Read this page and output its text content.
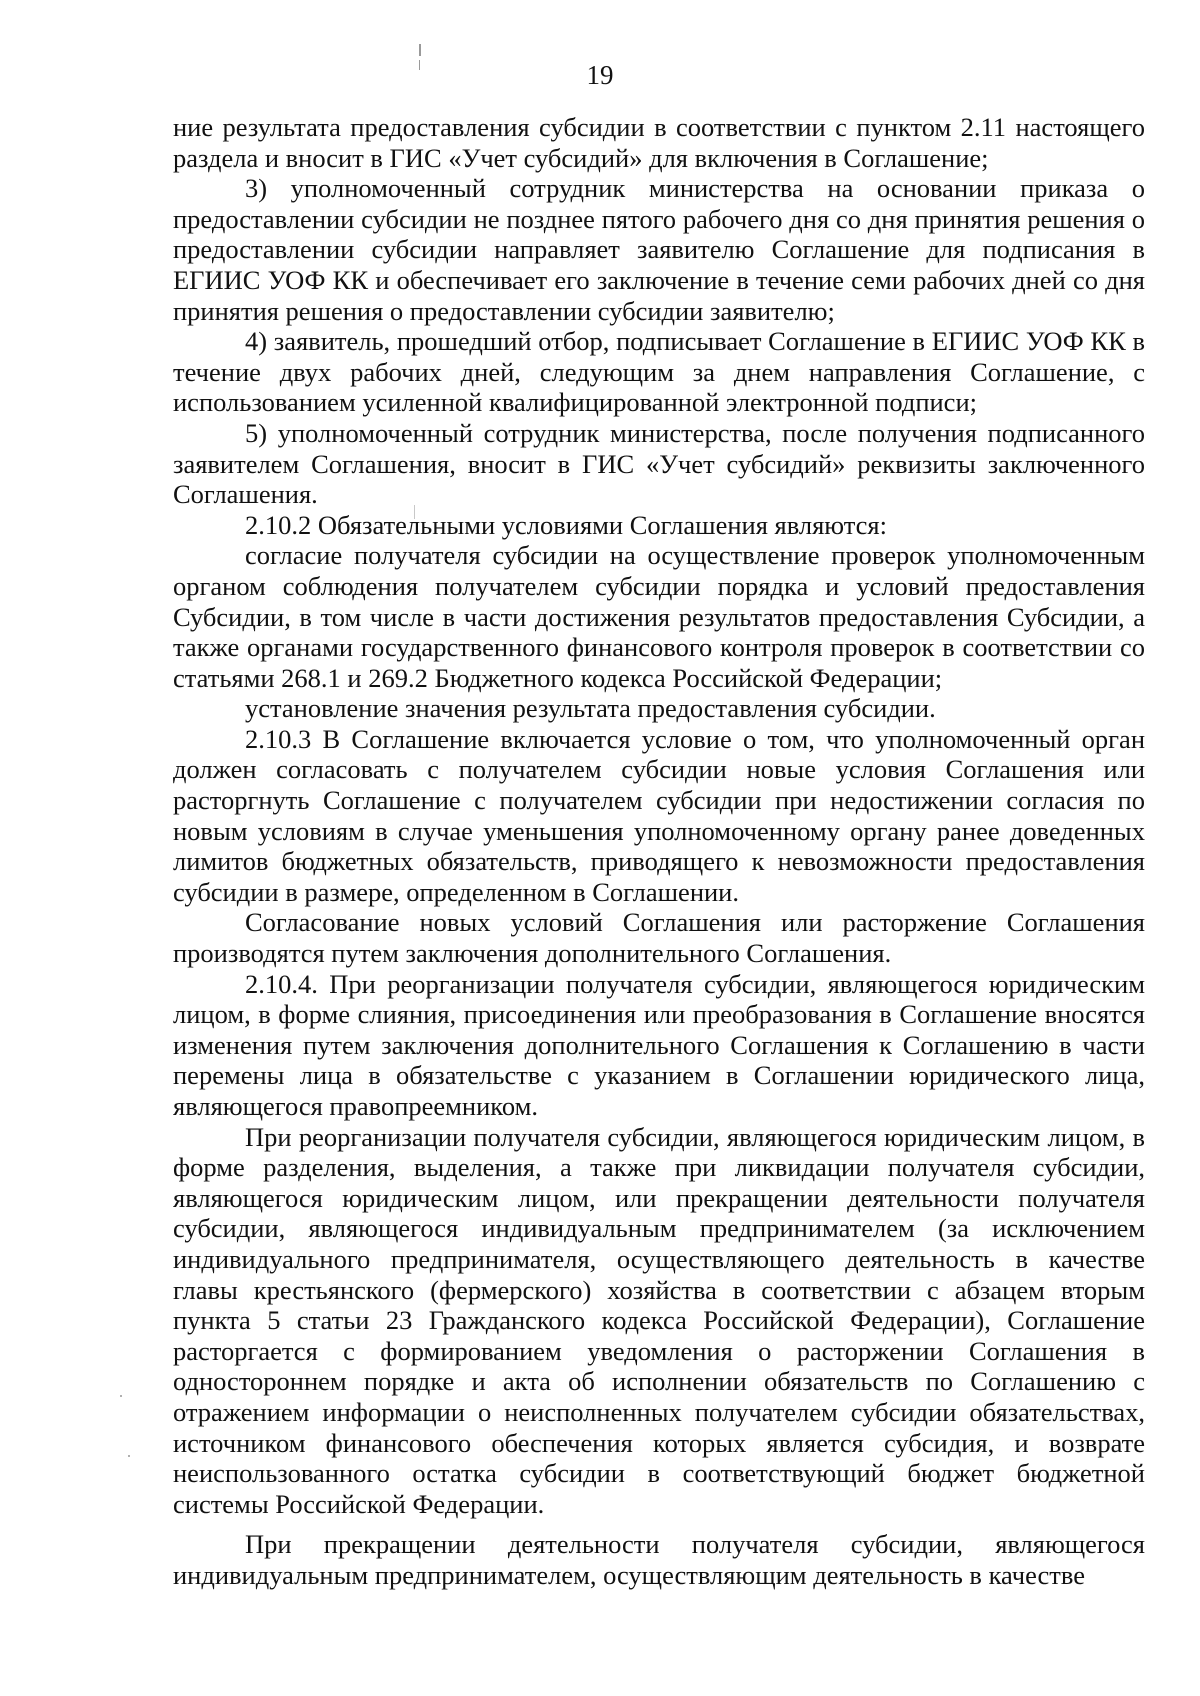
19

ние результата предоставления субсидии в соответствии с пунктом 2.11 настоящего раздела и вносит в ГИС «Учет субсидий» для включения в Соглашение;

3) уполномоченный сотрудник министерства на основании приказа о предоставлении субсидии не позднее пятого рабочего дня со дня принятия решения о предоставлении субсидии направляет заявителю Соглашение для подписания в ЕГИИС УОФ КК и обеспечивает его заключение в течение семи рабочих дней со дня принятия решения о предоставлении субсидии заявителю;

4) заявитель, прошедший отбор, подписывает Соглашение в ЕГИИС УОФ КК в течение двух рабочих дней, следующим за днем направления Соглашение, с использованием усиленной квалифицированной электронной подписи;

5) уполномоченный сотрудник министерства, после получения подписанного заявителем Соглашения, вносит в ГИС «Учет субсидий» реквизиты заключенного Соглашения.

2.10.2 Обязательными условиями Соглашения являются:

согласие получателя субсидии на осуществление проверок уполномоченным органом соблюдения получателем субсидии порядка и условий предоставления Субсидии, в том числе в части достижения результатов предоставления Субсидии, а также органами государственного финансового контроля проверок в соответствии со статьями 268.1 и 269.2 Бюджетного кодекса Российской Федерации;

установление значения результата предоставления субсидии.

2.10.3 В Соглашение включается условие о том, что уполномоченный орган должен согласовать с получателем субсидии новые условия Соглашения или расторгнуть Соглашение с получателем субсидии при недостижении согласия по новым условиям в случае уменьшения уполномоченному органу ранее доведенных лимитов бюджетных обязательств, приводящего к невозможности предоставления субсидии в размере, определенном в Соглашении.

Согласование новых условий Соглашения или расторжение Соглашения производятся путем заключения дополнительного Соглашения.

2.10.4. При реорганизации получателя субсидии, являющегося юридическим лицом, в форме слияния, присоединения или преобразования в Соглашение вносятся изменения путем заключения дополнительного Соглашения к Соглашению в части перемены лица в обязательстве с указанием в Соглашении юридического лица, являющегося правопреемником.

При реорганизации получателя субсидии, являющегося юридическим лицом, в форме разделения, выделения, а также при ликвидации получателя субсидии, являющегося юридическим лицом, или прекращении деятельности получателя субсидии, являющегося индивидуальным предпринимателем (за исключением индивидуального предпринимателя, осуществляющего деятельность в качестве главы крестьянского (фермерского) хозяйства в соответствии с абзацем вторым пункта 5 статьи 23 Гражданского кодекса Российской Федерации), Соглашение расторгается с формированием уведомления о расторжении Соглашения в одностороннем порядке и акта об исполнении обязательств по Соглашению с отражением информации о неисполненных получателем субсидии обязательствах, источником финансового обеспечения которых является субсидия, и возврате неиспользованного остатка субсидии в соответствующий бюджет бюджетной системы Российской Федерации.

При прекращении деятельности получателя субсидии, являющегося индивидуальным предпринимателем, осуществляющим деятельность в качестве
